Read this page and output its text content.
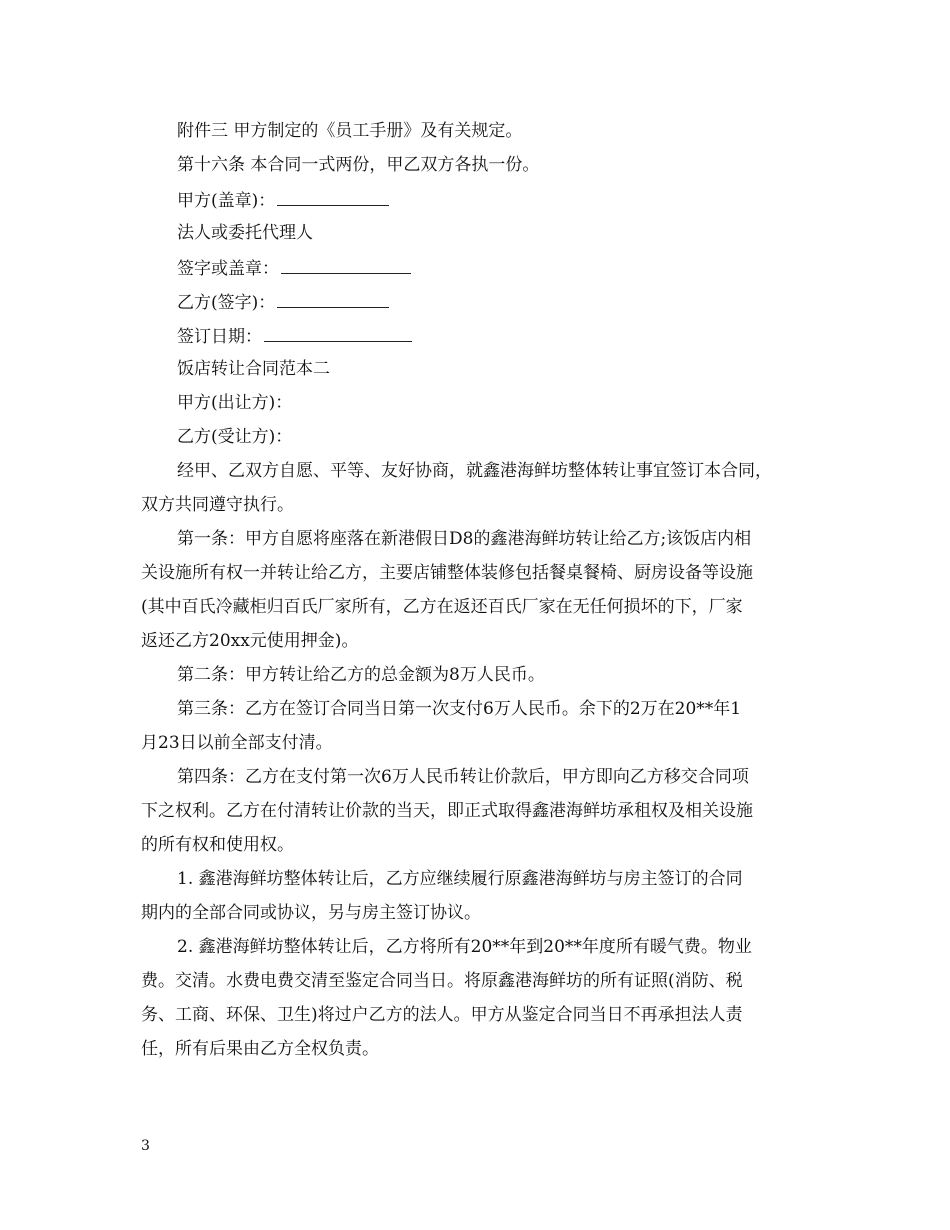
附件三 甲方制定的《员工手册》及有关规定。
第十六条 本合同一式两份，甲乙双方各执一份。
甲方(盖章)：
法人或委托代理人
签字或盖章：
乙方(签字)：
签订日期：
饭店转让合同范本二
甲方(出让方)：
乙方(受让方)：
经甲、乙双方自愿、平等、友好协商，就鑫港海鲜坊整体转让事宜签订本合同，
双方共同遵守执行。
第一条：甲方自愿将座落在新港假日D8的鑫港海鲜坊转让给乙方;该饭店内相
关设施所有权一并转让给乙方，主要店铺整体装修包括餐桌餐椅、厨房设备等设施
(其中百氏冷藏柜归百氏厂家所有，乙方在返还百氏厂家在无任何损坏的下，厂家
返还乙方20xx元使用押金)。
第二条：甲方转让给乙方的总金额为8万人民币。
第三条：乙方在签订合同当日第一次支付6万人民币。余下的2万在20**年1
月23日以前全部支付清。
第四条：乙方在支付第一次6万人民币转让价款后，甲方即向乙方移交合同项
下之权利。乙方在付清转让价款的当天，即正式取得鑫港海鲜坊承租权及相关设施
的所有权和使用权。
1. 鑫港海鲜坊整体转让后，乙方应继续履行原鑫港海鲜坊与房主签订的合同
期内的全部合同或协议，另与房主签订协议。
2. 鑫港海鲜坊整体转让后，乙方将所有20**年到20**年度所有暖气费。物业
费。交清。水费电费交清至鉴定合同当日。将原鑫港海鲜坊的所有证照(消防、税
务、工商、环保、卫生)将过户乙方的法人。甲方从鉴定合同当日不再承担法人责
任，所有后果由乙方全权负责。
3
